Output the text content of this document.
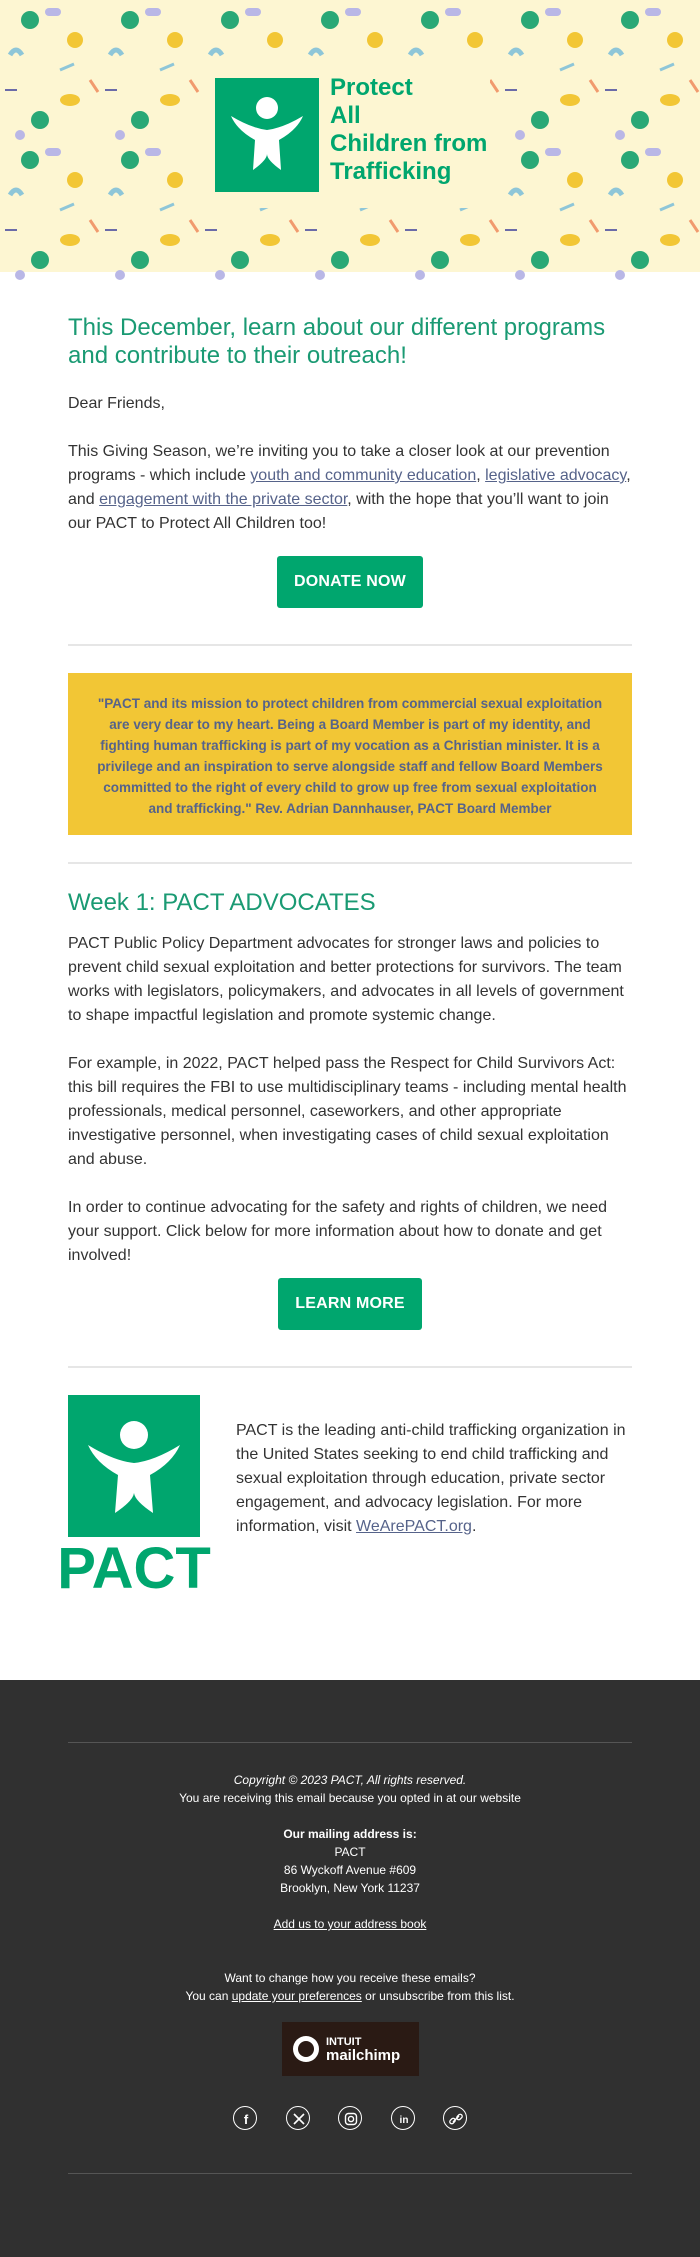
Protect
All
Children from
Trafficking
This December, learn about our different programs and contribute to their outreach!

Dear Friends,

This Giving Season, we’re inviting you to take a closer look at our prevention programs - which include youth and community education, legislative advocacy, and engagement with the private sector, with the hope that you’ll want to join our PACT to Protect All Children too!

DONATE NOW

"PACT and its mission to protect children from commercial sexual exploitation are very dear to my heart. Being a Board Member is part of my identity, and fighting human trafficking is part of my vocation as a Christian minister. It is a privilege and an inspiration to serve alongside staff and fellow Board Members committed to the right of every child to grow up free from sexual exploitation and trafficking." Rev. Adrian Dannhauser, PACT Board Member

Week 1: PACT ADVOCATES

PACT Public Policy Department advocates for stronger laws and policies to prevent child sexual exploitation and better protections for survivors. The team works with legislators, policymakers, and advocates in all levels of government to shape impactful legislation and promote systemic change.

For example, in 2022, PACT helped pass the Respect for Child Survivors Act: this bill requires the FBI to use multidisciplinary teams - including mental health professionals, medical personnel, caseworkers, and other appropriate investigative personnel, when investigating cases of child sexual exploitation and abuse.

In order to continue advocating for the safety and rights of children, we need your support. Click below for more information about how to donate and get involved!

LEARN MORE
PACT

PACT is the leading anti-child trafficking organization in the United States seeking to end child trafficking and sexual exploitation through education, private sector engagement, and advocacy legislation. For more information, visit WeArePACT.org.

Copyright © 2023 PACT, All rights reserved.
You are receiving this email because you opted in at our website
Our mailing address is:
PACT
86 Wyckoff Avenue #609
Brooklyn, New York 11237
Add us to your address book
Want to change how you receive these emails?
You can update your preferences or unsubscribe from this list.
INTUIT
mailchimp
f	in
